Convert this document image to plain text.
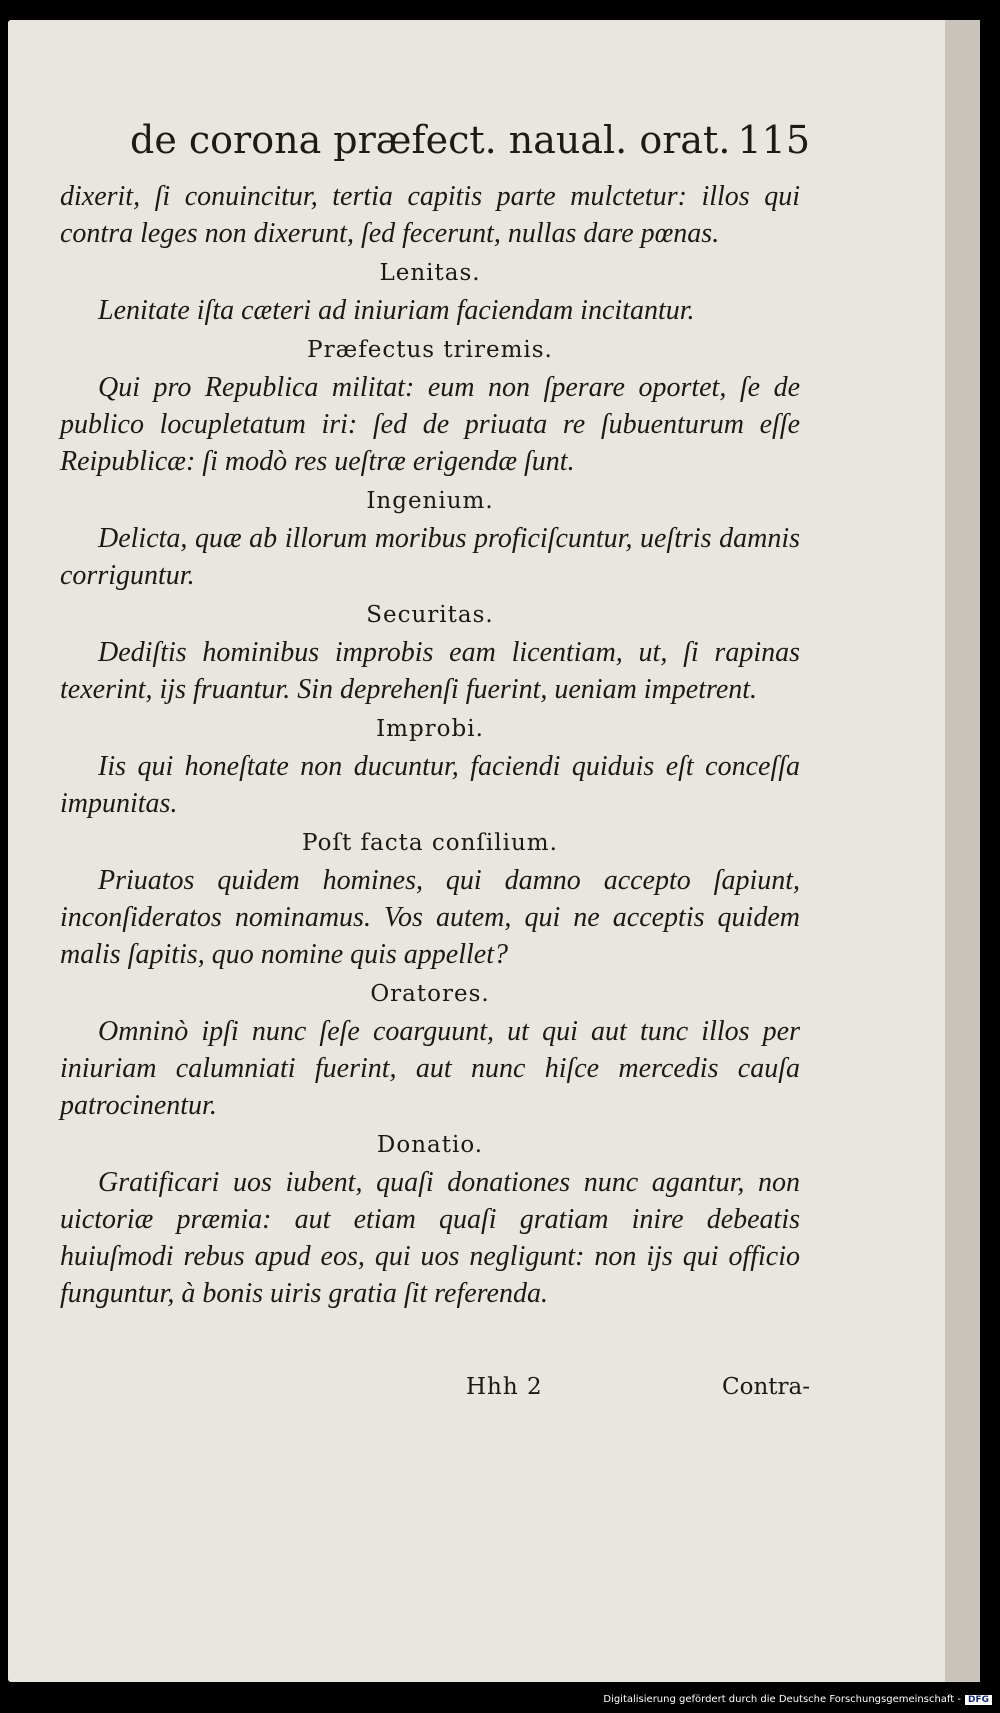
de corona præfect. naual. orat. 115

dixerit, ſi conuincitur, tertia capitis parte mulctetur: illos qui contra leges non dixerunt, ſed fecerunt, nullas dare pœnas.

Lenitas.

Lenitate iſta cæteri ad iniuriam faciendam incitantur.

Præfectus triremis.

Qui pro Republica militat: eum non ſperare oportet, ſe de publico locupletatum iri: ſed de priuata re ſubuenturum eſſe Reipublicæ: ſi modò res ueſtræ erigendæ ſunt.

Ingenium.

Delicta, quæ ab illorum moribus proficiſcuntur, ueſtris damnis corriguntur.

Securitas.

Dediſtis hominibus improbis eam licentiam, ut, ſi rapinas texerint, ijs fruantur. Sin deprehenſi fuerint, ueniam impetrent.

Improbi.

Iis qui honeſtate non ducuntur, faciendi quiduis eſt conceſſa impunitas.

Poſt facta conſilium.

Priuatos quidem homines, qui damno accepto ſapiunt, inconſideratos nominamus. Vos autem, qui ne acceptis quidem malis ſapitis, quo nomine quis appellet?

Oratores.

Omninò ipſi nunc ſeſe coarguunt, ut qui aut tunc illos per iniuriam calumniati fuerint, aut nunc hiſce mercedis cauſa patrocinentur.

Donatio.

Gratificari uos iubent, quaſi donationes nunc agantur, non uictoriæ præmia: aut etiam quaſi gratiam inire debeatis huiuſmodi rebus apud eos, qui uos negligunt: non ijs qui officio funguntur, à bonis uiris gratia ſit referenda.

Hhh 2	Contra-
Digitalisierung gefördert durch die Deutsche Forschungsgemeinschaft - DFG
